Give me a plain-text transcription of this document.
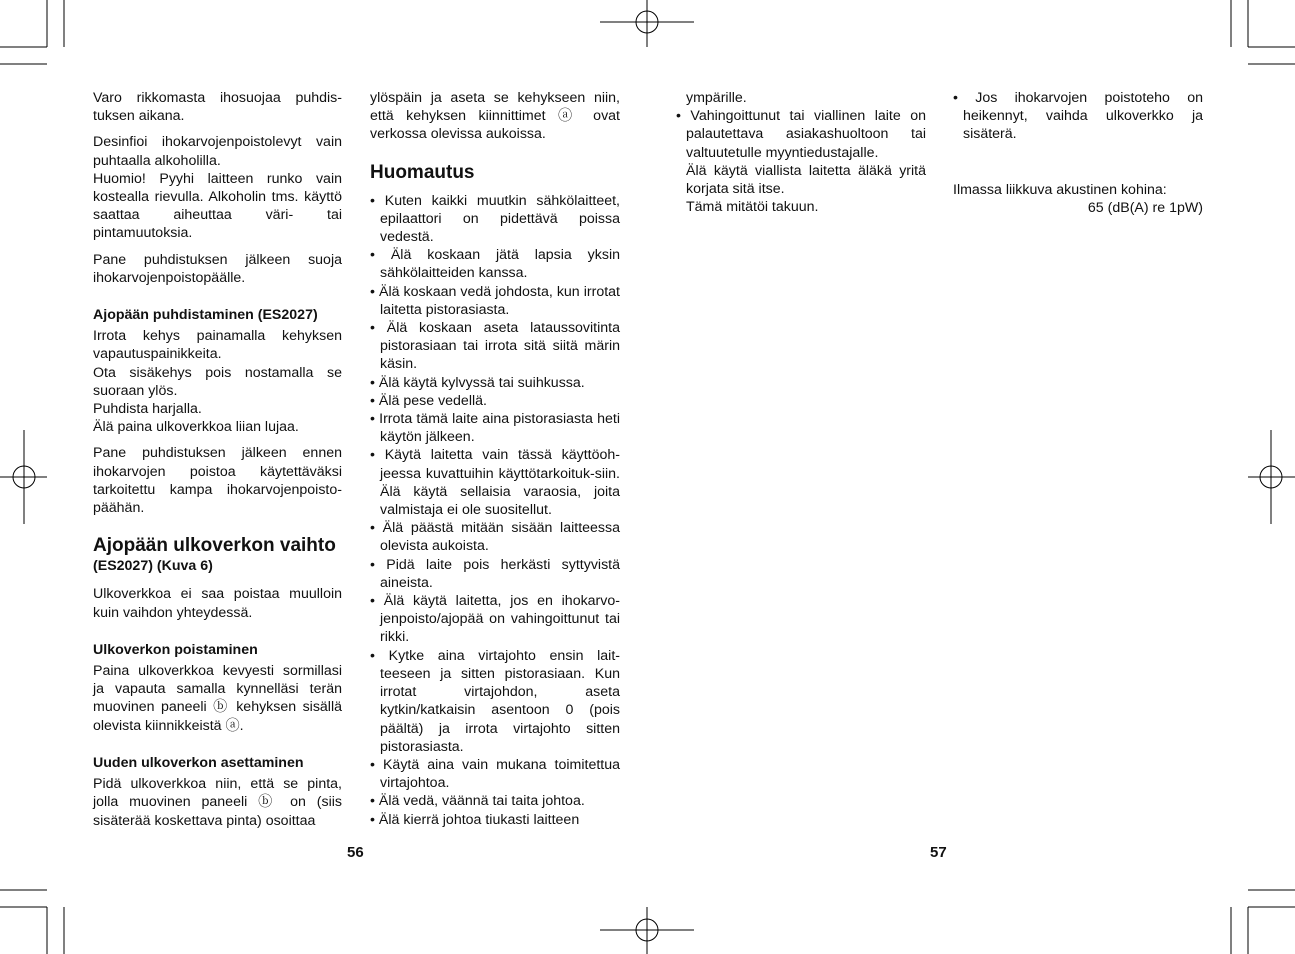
Varo rikkomasta ihosuojaa puhdis-tuksen aikana.

Desinfioi ihokarvojenpoistolevyt vain puhtaalla alkoholilla.

Huomio! Pyyhi laitteen runko vain kostealla rievulla. Alkoholin tms. käyttö saattaa aiheuttaa väri- tai pintamuutoksia.

Pane puhdistuksen jälkeen suoja ihokarvojenpoistopäälle.

Ajopään puhdistaminen (ES2027)

Irrota kehys painamalla kehyksen vapautuspainikkeita.

Ota sisäkehys pois nostamalla se suoraan ylös.

Puhdista harjalla.

Älä paina ulkoverkkoa liian lujaa.

Pane puhdistuksen jälkeen ennen ihokarvojen poistoa käytettäväksi tarkoitettu kampa ihokarvojenpoisto-päähän.

Ajopään ulkoverkon vaihto

(ES2027) (Kuva 6)

Ulkoverkkoa ei saa poistaa muulloin kuin vaihdon yhteydessä.

Ulkoverkon poistaminen

Paina ulkoverkkoa kevyesti sormillasi ja vapauta samalla kynnelläsi terän muovinen paneeli ⓑ kehyksen sisällä olevista kiinnikkeistä ⓐ.

Uuden ulkoverkon asettaminen

Pidä ulkoverkkoa niin, että se pinta, jolla muovinen paneeli ⓑ on (siis sisäterää koskettava pinta) osoittaa

ylöspäin ja aseta se kehykseen niin, että kehyksen kiinnittimet ⓐ ovat verkossa olevissa aukoissa.

Huomautus

• Kuten kaikki muutkin sähkölaitteet, epilaattori on pidettävä poissa vedestä.

• Älä koskaan jätä lapsia yksin sähkölaitteiden kanssa.

• Älä koskaan vedä johdosta, kun irrotat laitetta pistorasiasta.

• Älä koskaan aseta lataussovitinta pistorasiaan tai irrota sitä siitä märin käsin.

• Älä käytä kylvyssä tai suihkussa.

• Älä pese vedellä.

• Irrota tämä laite aina pistorasiasta heti käytön jälkeen.

• Käytä laitetta vain tässä käyttöoh-jeessa kuvattuihin käyttötarkoituk-siin. Älä käytä sellaisia varaosia, joita valmistaja ei ole suositellut.

• Älä päästä mitään sisään laitteessa olevista aukoista.

• Pidä laite pois herkästi syttyvistä aineista.

• Älä käytä laitetta, jos en ihokarvo-jenpoisto/ajopää on vahingoittunut tai rikki.

• Kytke aina virtajohto ensin lait-teeseen ja sitten pistorasiaan. Kun irrotat virtajohdon, aseta kytkin/katkaisin asentoon 0 (pois päältä) ja irrota virtajohto sitten pistorasiasta.

• Käytä aina vain mukana toimitettua virtajohtoa.

• Älä vedä, väännä tai taita johtoa.

• Älä kierrä johtoa tiukasti laitteen

ympärille.

• Vahingoittunut tai viallinen laite on palautettava asiakashuoltoon tai valtuutetulle myyntiedustajalle.

Älä käytä viallista laitetta äläkä yritä korjata sitä itse.

Tämä mitätöi takuun.

• Jos ihokarvojen poistoteho on heikennyt, vaihda ulkoverkko ja sisäterä.

Ilmassa liikkuva akustinen kohina:

65 (dB(A) re 1pW)

56	57
